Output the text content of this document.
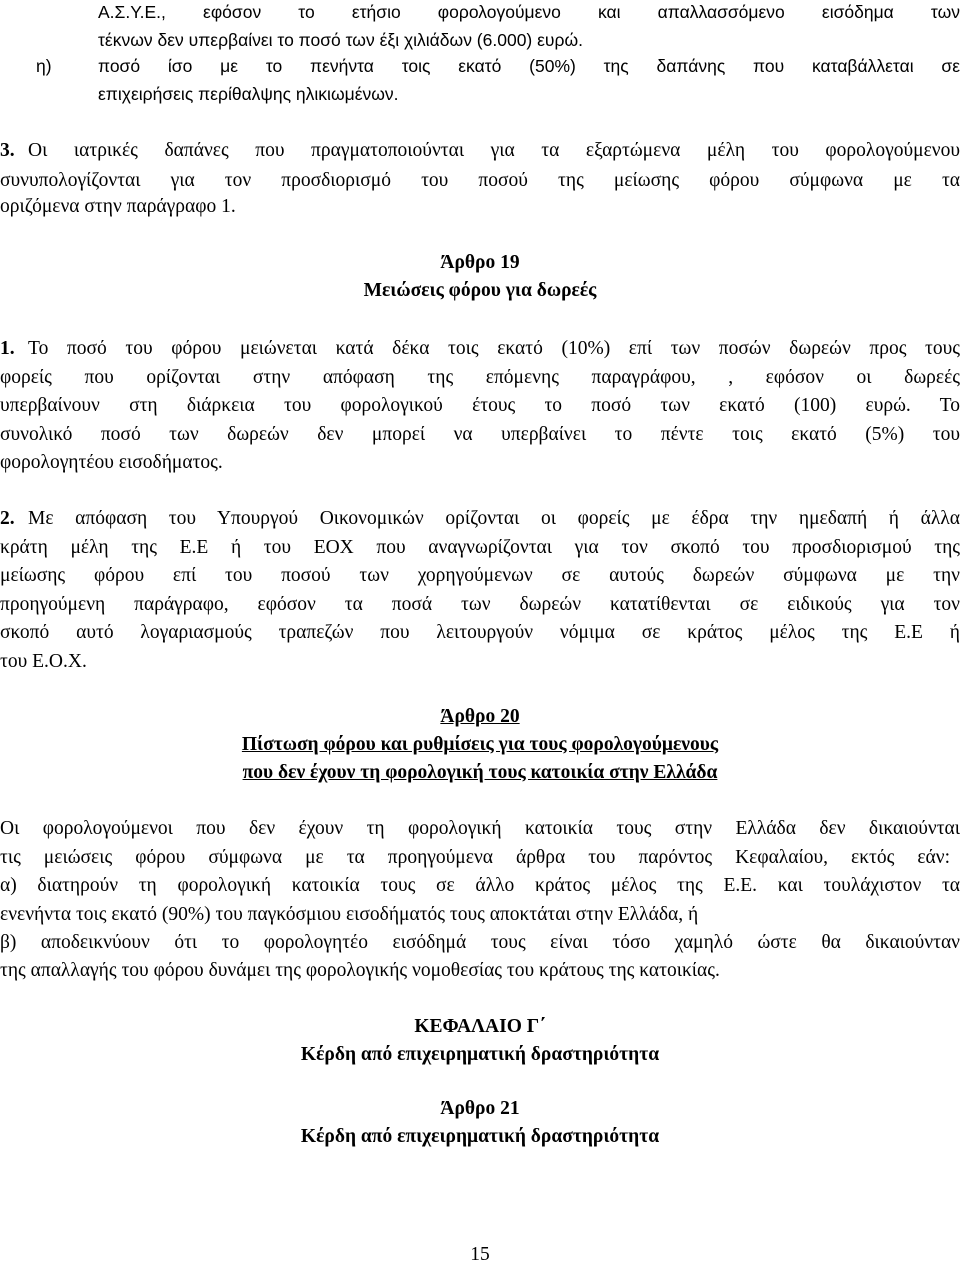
Α.Σ.Υ.Ε., εφόσον το ετήσιο φορολογούμενο και απαλλασσόμενο εισόδημα των

τέκνων δεν υπερβαίνει το ποσό των έξι χιλιάδων (6.000) ευρώ.

η)	ποσό ίσο με το πενήντα τοις εκατό (50%) της δαπάνης που καταβάλλεται σε

επιχειρήσεις περίθαλψης ηλικιωμένων.

3. Οι ιατρικές δαπάνες που πραγματοποιούνται για τα εξαρτώμενα μέλη του φορολογούμενου

συνυπολογίζονται για τον προσδιορισμό του ποσού της μείωσης φόρου σύμφωνα με τα

οριζόμενα στην παράγραφο 1.

Άρθρο 19

Μειώσεις φόρου για δωρεές

1. Το ποσό του φόρου μειώνεται κατά δέκα τοις εκατό (10%) επί των ποσών δωρεών προς τους

φορείς που ορίζονται στην απόφαση της επόμενης παραγράφου, , εφόσον οι δωρεές

υπερβαίνουν στη διάρκεια του φορολογικού έτους το ποσό των εκατό (100) ευρώ. Το

συνολικό ποσό των δωρεών δεν μπορεί να υπερβαίνει το πέντε τοις εκατό (5%) του

φορολογητέου εισοδήματος.

2. Με απόφαση του Υπουργού Οικονομικών ορίζονται οι φορείς με έδρα την ημεδαπή ή άλλα

κράτη μέλη της Ε.Ε ή του ΕΟΧ που αναγνωρίζονται για τον σκοπό του προσδιορισμού της

μείωσης φόρου επί του ποσού των χορηγούμενων σε αυτούς δωρεών σύμφωνα με την

προηγούμενη παράγραφο, εφόσον τα ποσά των δωρεών κατατίθενται σε ειδικούς για τον

σκοπό αυτό λογαριασμούς τραπεζών που λειτουργούν νόμιμα σε κράτος μέλος της Ε.Ε ή

του Ε.Ο.Χ.

Άρθρο 20

Πίστωση φόρου και ρυθμίσεις για τους φορολογούμενους

που δεν έχουν τη φορολογική τους κατοικία στην Ελλάδα

Οι φορολογούμενοι που δεν έχουν τη φορολογική κατοικία τους στην Ελλάδα δεν δικαιούνται

τις μειώσεις φόρου σύμφωνα με τα προηγούμενα άρθρα του παρόντος Κεφαλαίου, εκτός εάν:

α) διατηρούν τη φορολογική κατοικία τους σε άλλο κράτος μέλος της Ε.Ε. και τουλάχιστον τα

ενενήντα τοις εκατό (90%) του παγκόσμιου εισοδήματός τους αποκτάται στην Ελλάδα, ή

β) αποδεικνύουν ότι το φορολογητέο εισόδημά τους είναι τόσο χαμηλό ώστε θα δικαιούνταν

της απαλλαγής του φόρου δυνάμει της φορολογικής νομοθεσίας του κράτους της κατοικίας.

ΚΕΦΑΛΑΙΟ Γ΄

Κέρδη από επιχειρηματική δραστηριότητα

Άρθρο 21

Κέρδη από επιχειρηματική δραστηριότητα

15
